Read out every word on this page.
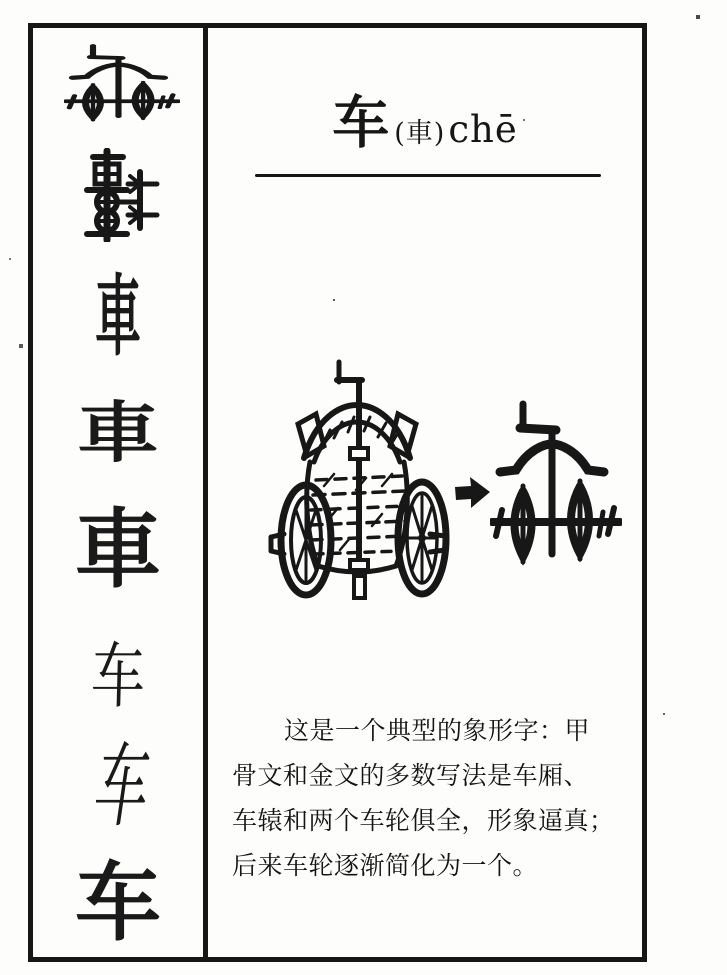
車
車
車
车
车
车
车 (車)chē

这是一个典型的象形字：甲

骨文和金文的多数写法是车厢、

车辕和两个车轮俱全，形象逼真；

后来车轮逐渐简化为一个。
